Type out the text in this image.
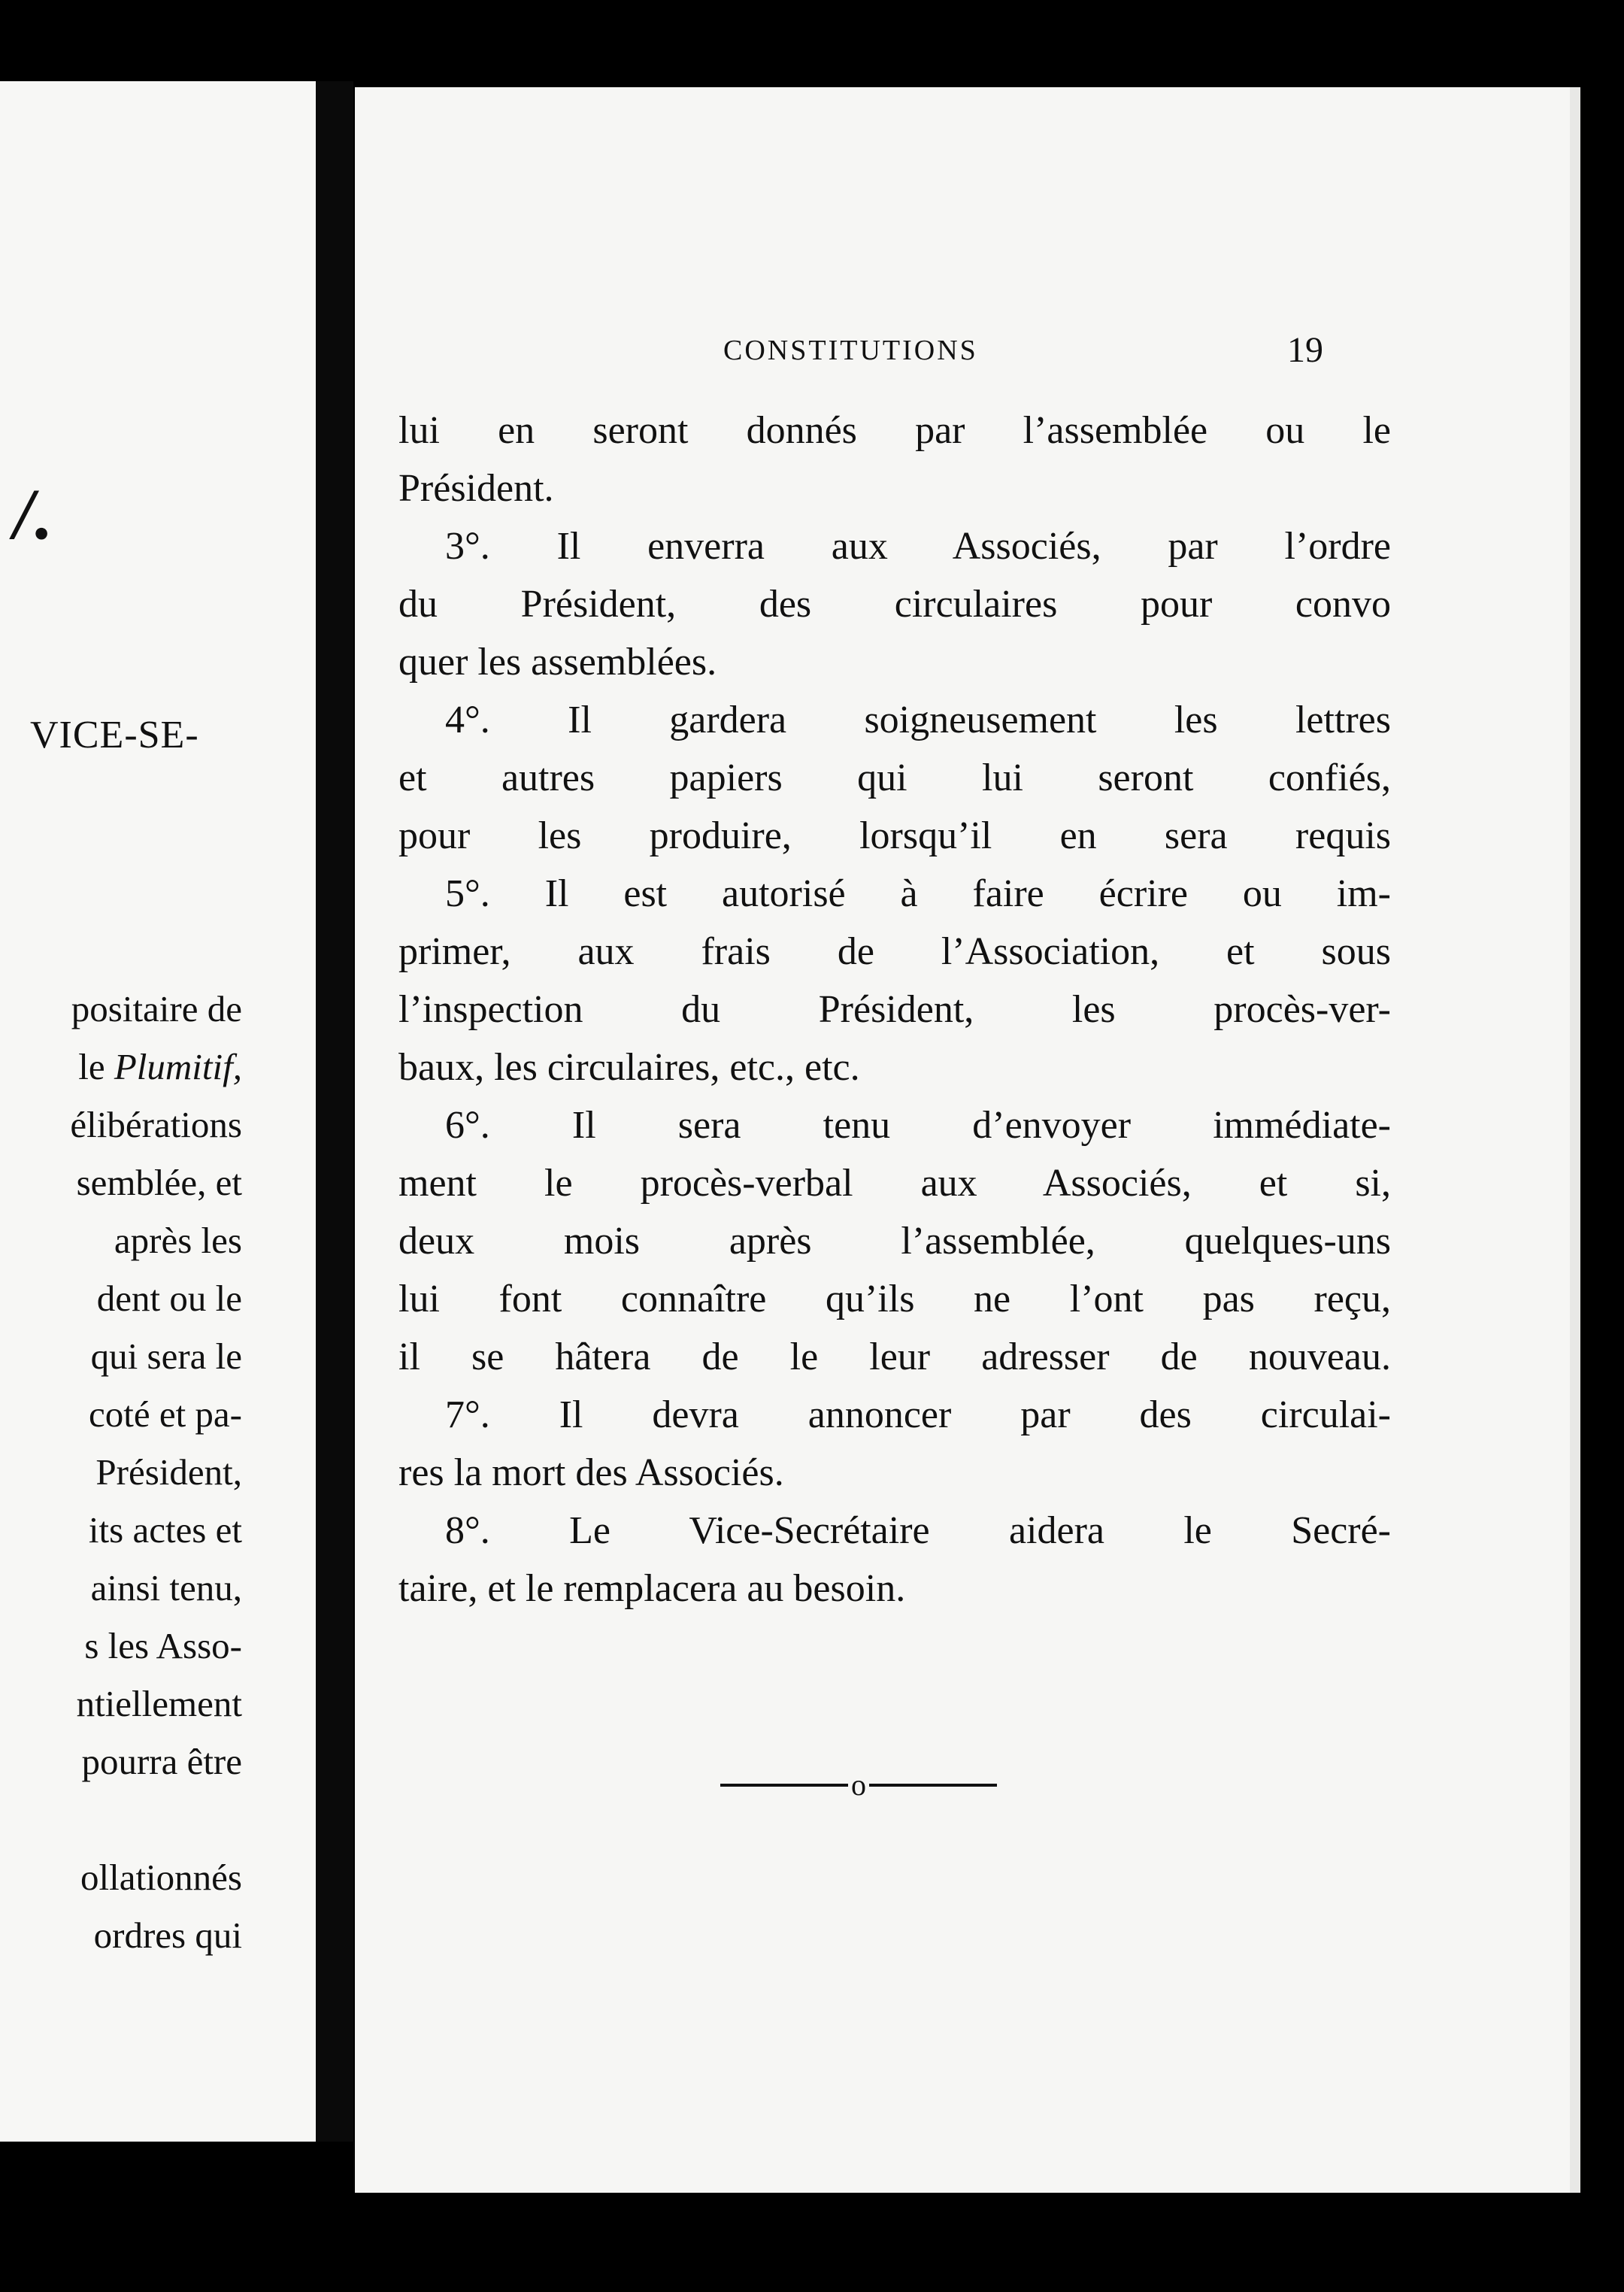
/.
VICE-SE-
positaire de
le Plumitif,
élibérations
semblée, et
après les
dent ou le
qui sera le
coté et pa-
Président,
its actes et
ainsi tenu,
s les Asso-
ntiellement
pourra être
ollationnés
ordres qui
CONSTITUTIONS	19
lui en seront donnés par l’assemblée ou le
Président.
3°. Il enverra aux Associés, par l’ordre
du Président, des circulaires pour convo
quer les assemblées.
4°. Il gardera soigneusement les lettres
et autres papiers qui lui seront confiés,
pour les produire, lorsqu’il en sera requis
5°. Il est autorisé à faire écrire ou im-
primer, aux frais de l’Association, et sous
l’inspection du Président, les procès-ver-
baux, les circulaires, etc., etc.
6°. Il sera tenu d’envoyer immédiate-
ment le procès-verbal aux Associés, et si,
deux mois après l’assemblée, quelques-uns
lui font connaître qu’ils ne l’ont pas reçu,
il se hâtera de le leur adresser de nouveau.
7°. Il devra annoncer par des circulai-
res la mort des Associés.
8°. Le Vice-Secrétaire aidera le Secré-
taire, et le remplacera au besoin.
o
